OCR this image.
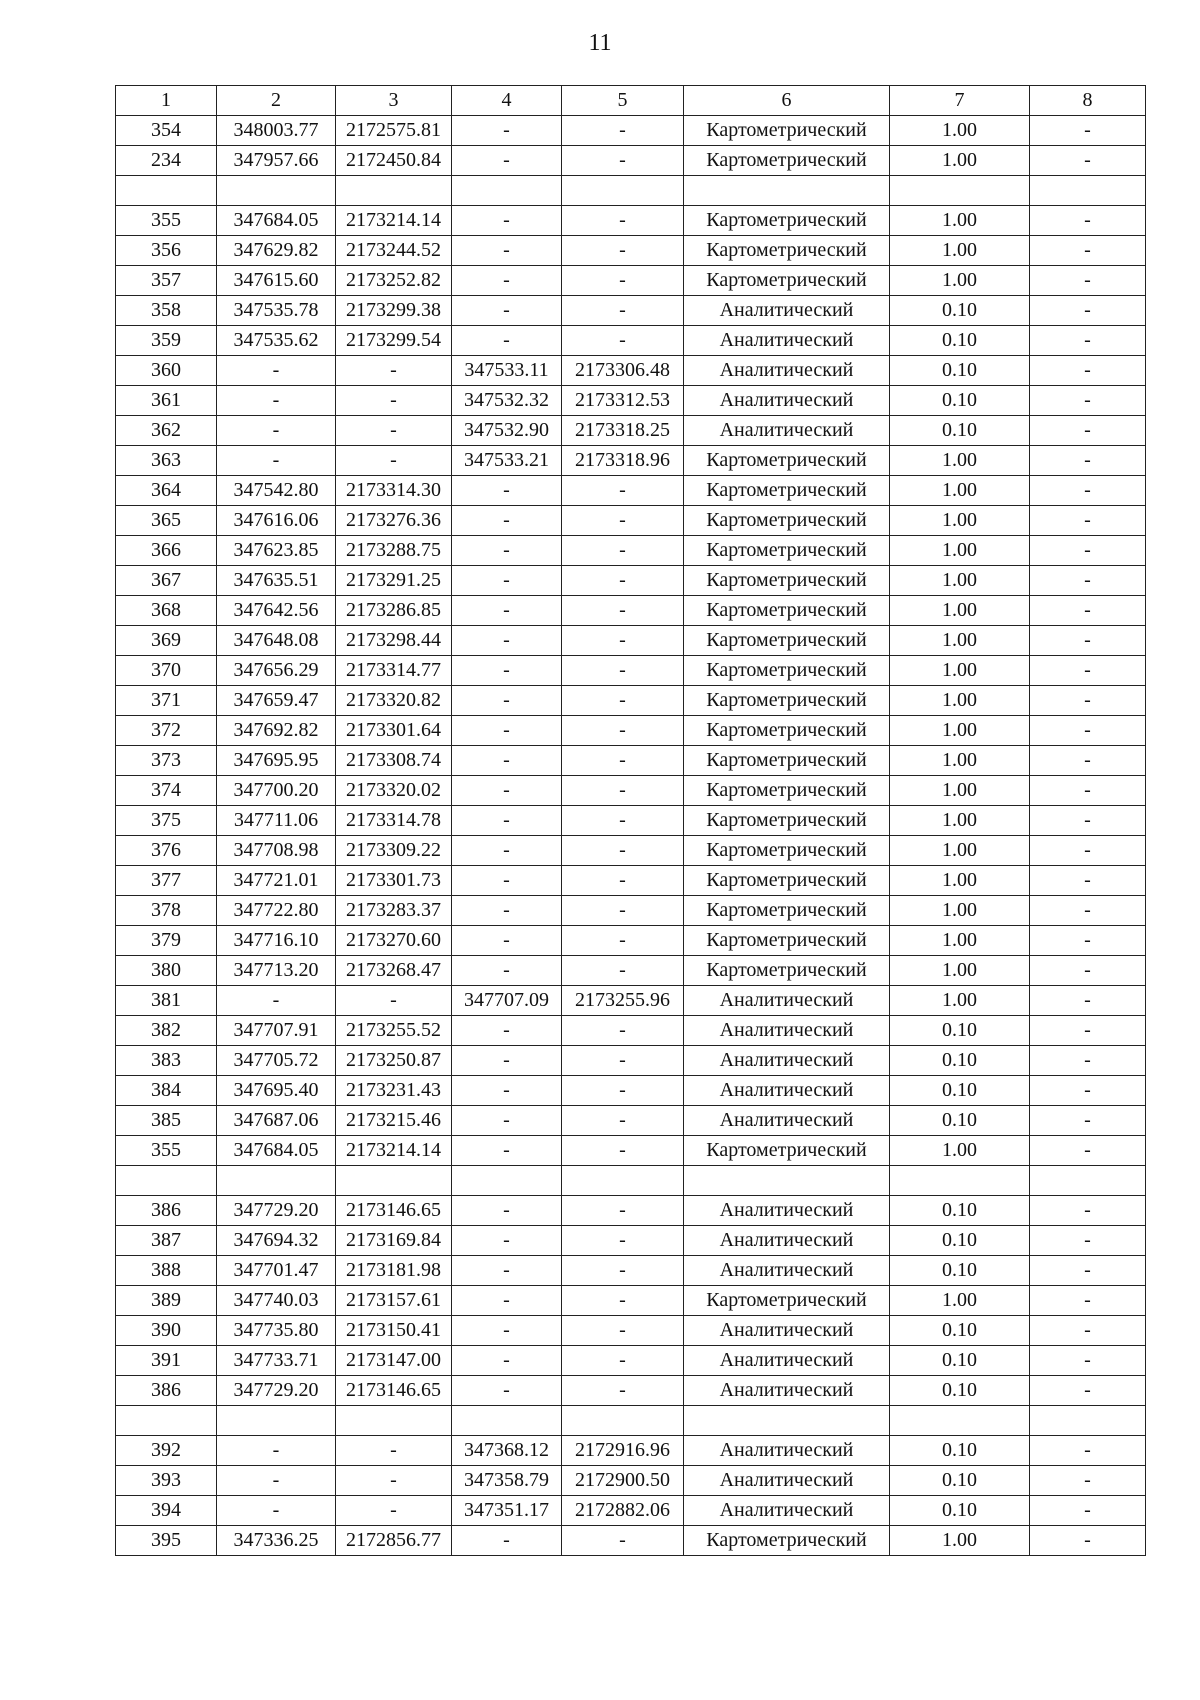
11
1	2	3	4	5	6	7	8
354	348003.77	2172575.81	-	-	Картометрический	1.00	-
234	347957.66	2172450.84	-	-	Картометрический	1.00	-

355	347684.05	2173214.14	-	-	Картометрический	1.00	-
356	347629.82	2173244.52	-	-	Картометрический	1.00	-
357	347615.60	2173252.82	-	-	Картометрический	1.00	-
358	347535.78	2173299.38	-	-	Аналитический	0.10	-
359	347535.62	2173299.54	-	-	Аналитический	0.10	-
360	-	-	347533.11	2173306.48	Аналитический	0.10	-
361	-	-	347532.32	2173312.53	Аналитический	0.10	-
362	-	-	347532.90	2173318.25	Аналитический	0.10	-
363	-	-	347533.21	2173318.96	Картометрический	1.00	-
364	347542.80	2173314.30	-	-	Картометрический	1.00	-
365	347616.06	2173276.36	-	-	Картометрический	1.00	-
366	347623.85	2173288.75	-	-	Картометрический	1.00	-
367	347635.51	2173291.25	-	-	Картометрический	1.00	-
368	347642.56	2173286.85	-	-	Картометрический	1.00	-
369	347648.08	2173298.44	-	-	Картометрический	1.00	-
370	347656.29	2173314.77	-	-	Картометрический	1.00	-
371	347659.47	2173320.82	-	-	Картометрический	1.00	-
372	347692.82	2173301.64	-	-	Картометрический	1.00	-
373	347695.95	2173308.74	-	-	Картометрический	1.00	-
374	347700.20	2173320.02	-	-	Картометрический	1.00	-
375	347711.06	2173314.78	-	-	Картометрический	1.00	-
376	347708.98	2173309.22	-	-	Картометрический	1.00	-
377	347721.01	2173301.73	-	-	Картометрический	1.00	-
378	347722.80	2173283.37	-	-	Картометрический	1.00	-
379	347716.10	2173270.60	-	-	Картометрический	1.00	-
380	347713.20	2173268.47	-	-	Картометрический	1.00	-
381	-	-	347707.09	2173255.96	Аналитический	1.00	-
382	347707.91	2173255.52	-	-	Аналитический	0.10	-
383	347705.72	2173250.87	-	-	Аналитический	0.10	-
384	347695.40	2173231.43	-	-	Аналитический	0.10	-
385	347687.06	2173215.46	-	-	Аналитический	0.10	-
355	347684.05	2173214.14	-	-	Картометрический	1.00	-

386	347729.20	2173146.65	-	-	Аналитический	0.10	-
387	347694.32	2173169.84	-	-	Аналитический	0.10	-
388	347701.47	2173181.98	-	-	Аналитический	0.10	-
389	347740.03	2173157.61	-	-	Картометрический	1.00	-
390	347735.80	2173150.41	-	-	Аналитический	0.10	-
391	347733.71	2173147.00	-	-	Аналитический	0.10	-
386	347729.20	2173146.65	-	-	Аналитический	0.10	-

392	-	-	347368.12	2172916.96	Аналитический	0.10	-
393	-	-	347358.79	2172900.50	Аналитический	0.10	-
394	-	-	347351.17	2172882.06	Аналитический	0.10	-
395	347336.25	2172856.77	-	-	Картометрический	1.00	-
